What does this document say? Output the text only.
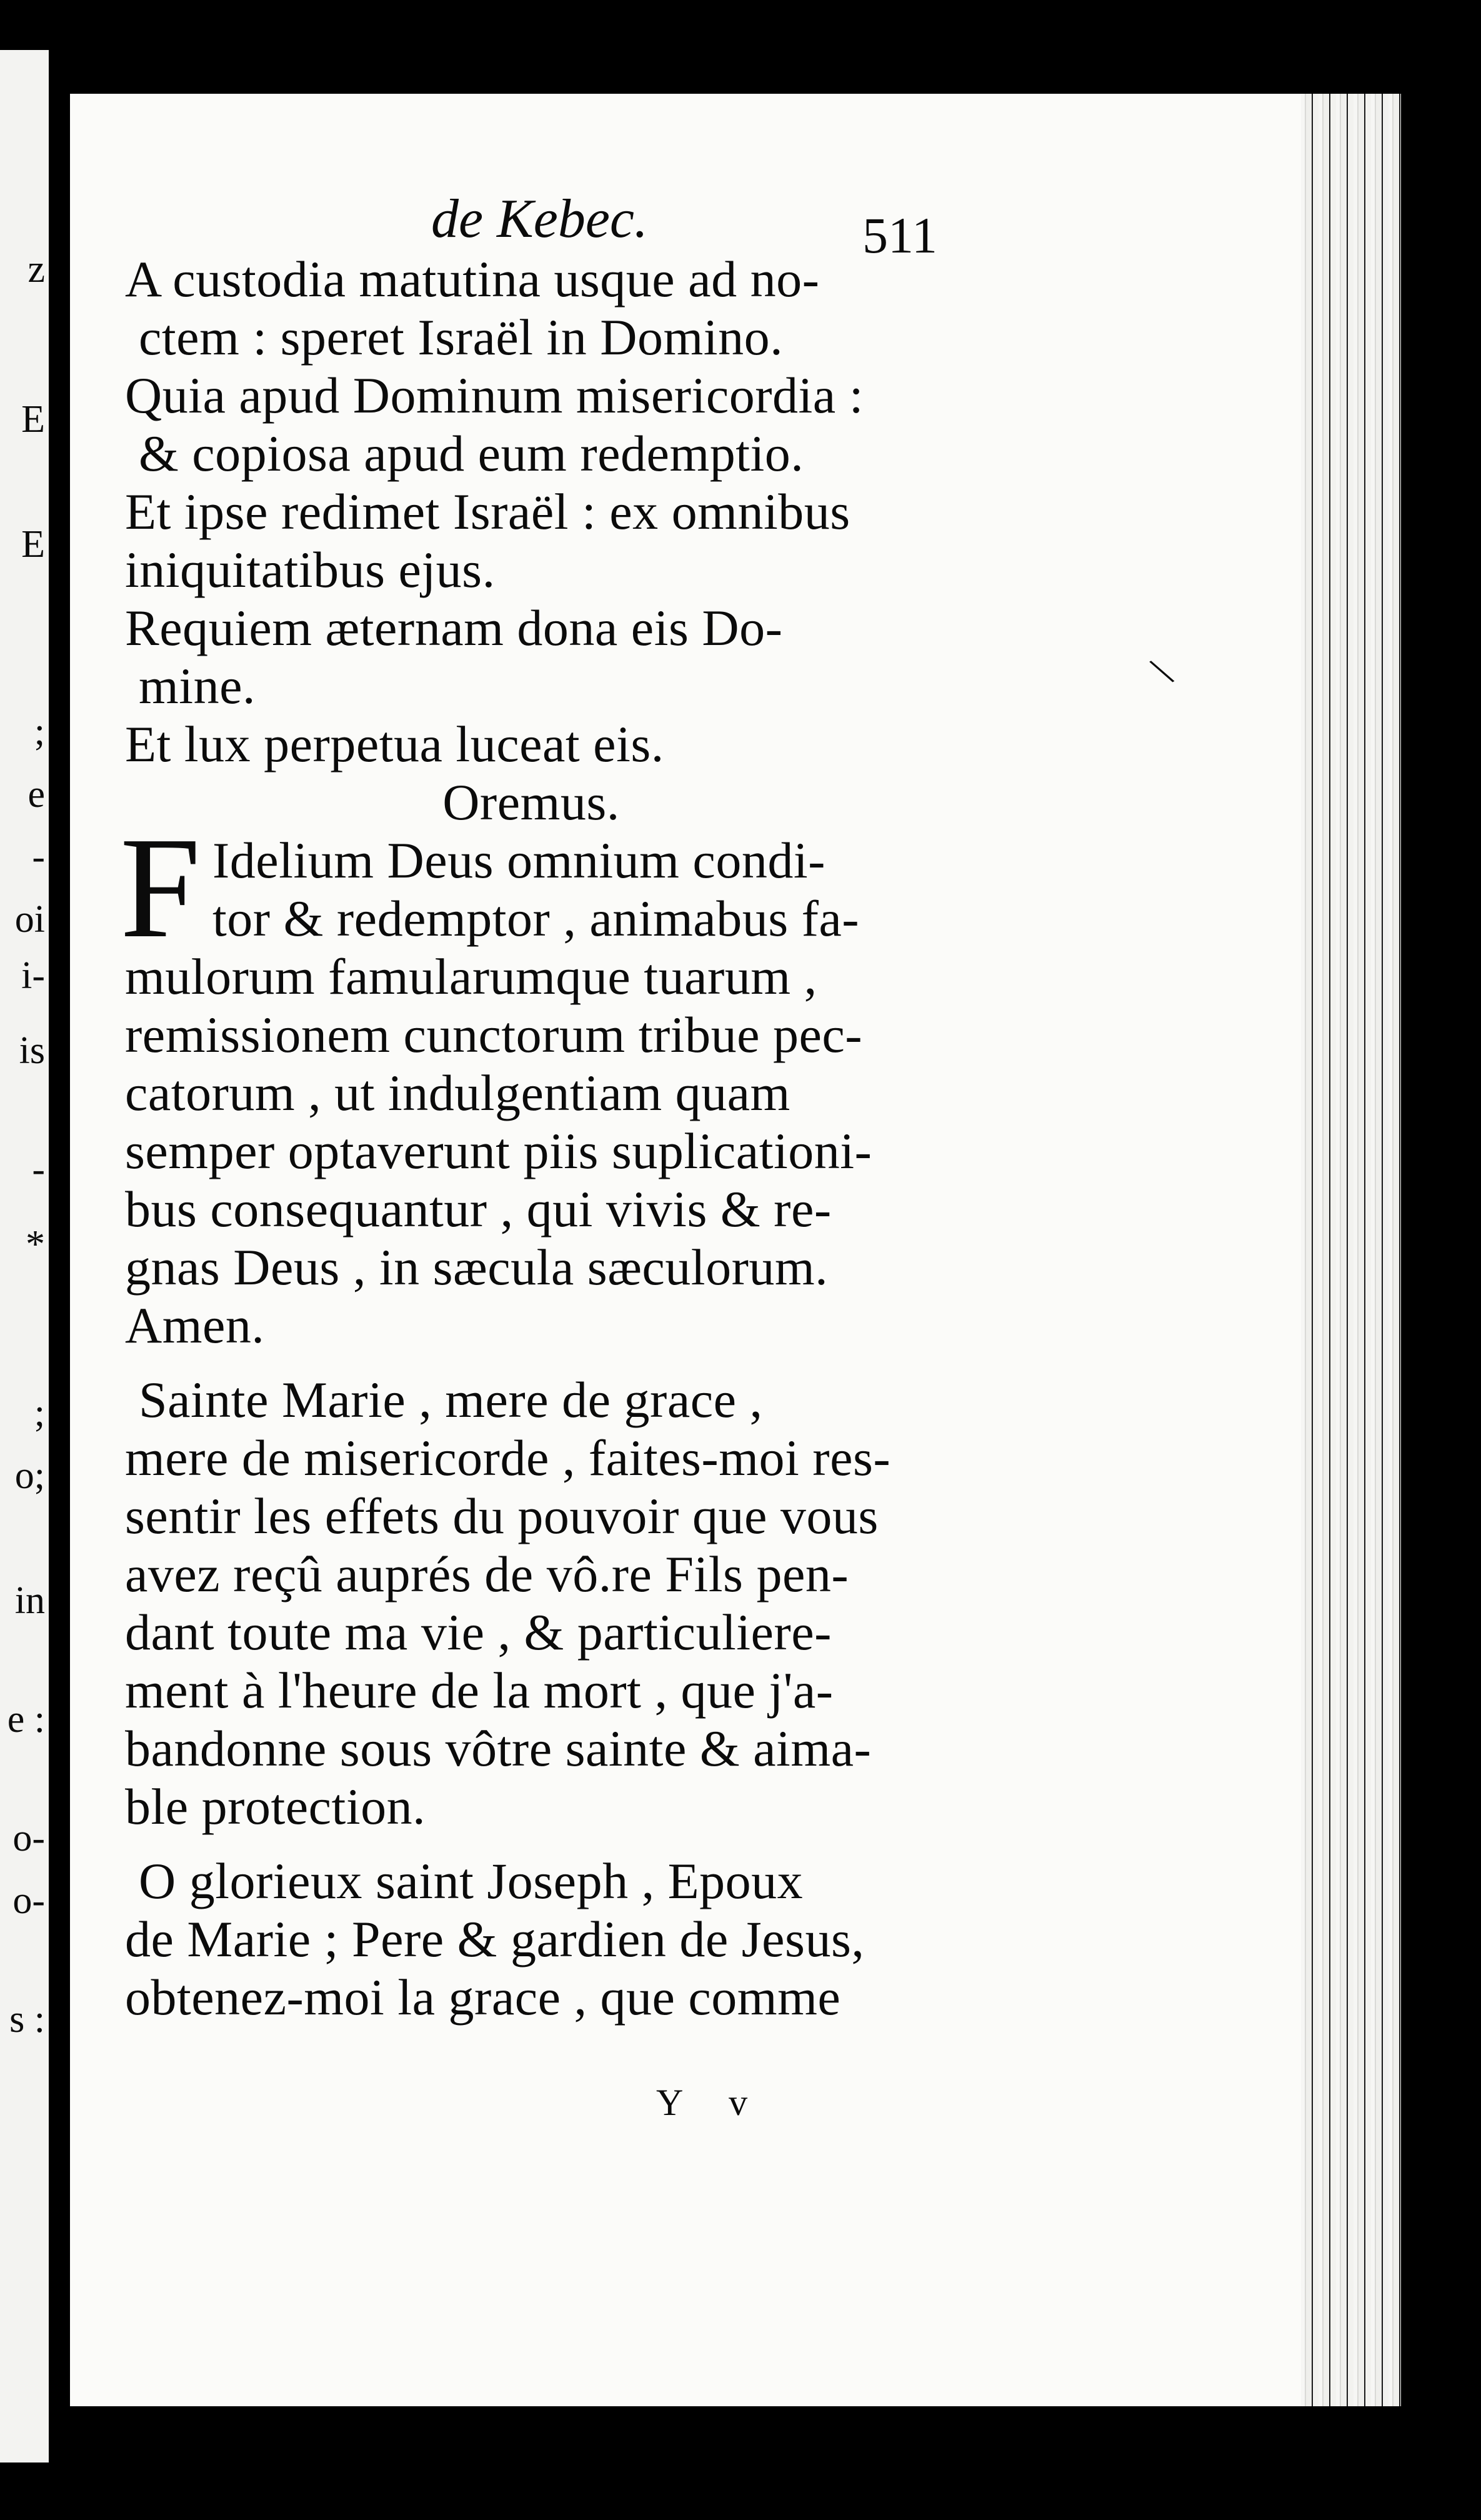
z
E
E
;
e
-
oi
i-
is
-
*
;
o;
in
e :
o-
o-
s :
de Kebec.	511
A custodia matutina usque ad no-
ctem : speret Israël in Domino.
Quia apud Dominum misericordia :
& copiosa apud eum redemptio.
Et ipse redimet Israël : ex omnibus
iniquitatibus ejus.
Requiem æternam dona eis Do-
mine.
Et lux perpetua luceat eis.
Oremus.
F Idelium Deus omnium condi-
tor & redemptor , animabus fa-
mulorum famularumque tuarum ,
remissionem cunctorum tribue pec-
catorum , ut indulgentiam quam
semper optaverunt piis suplicationi-
bus consequantur , qui vivis & re-
gnas Deus , in sæcula sæculorum.
Amen.
Sainte Marie , mere de grace ,
mere de misericorde , faites-moi res-
sentir les effets du pouvoir que vous
avez reçû auprés de vô.re Fils pen-
dant toute ma vie , & particuliere-
ment à l'heure de la mort , que j'a-
bandonne sous vôtre sainte & aima-
ble protection.
O glorieux saint Joseph , Epoux
de Marie ; Pere & gardien de Jesus,
obtenez-moi la grace , que comme
Y v
\
